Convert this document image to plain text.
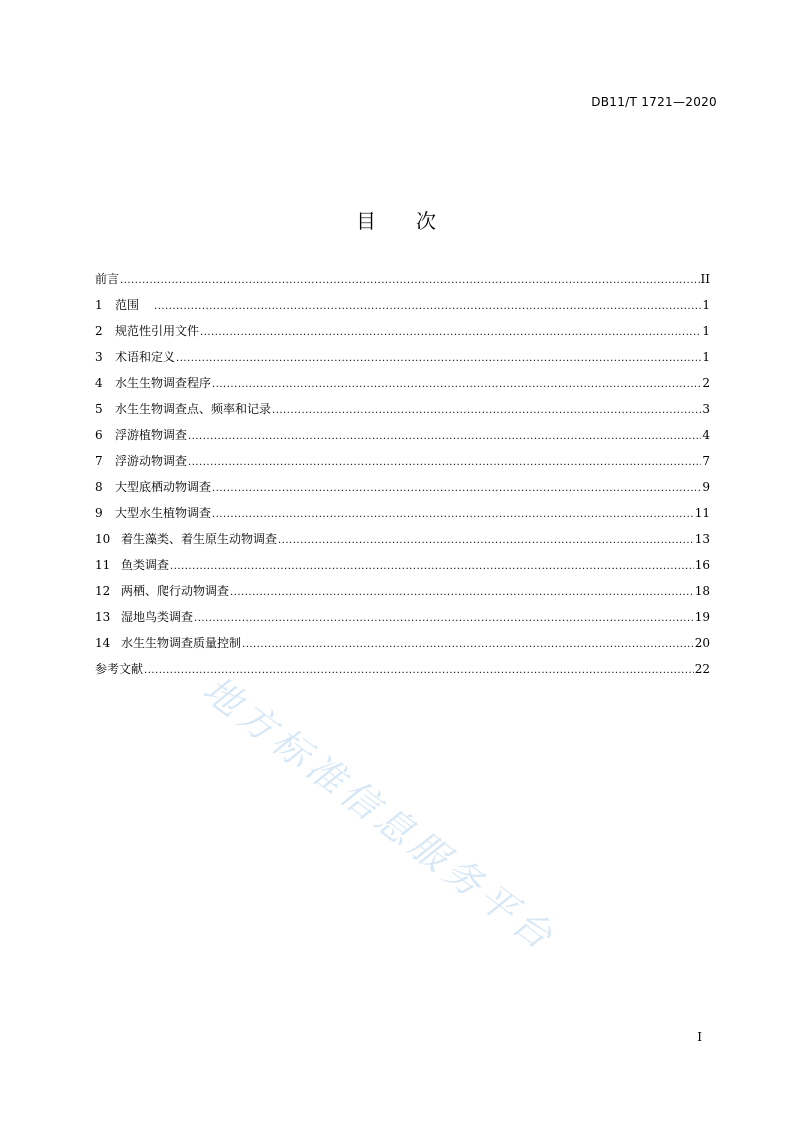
DB11/T 1721—2020
目 次
前言 .....	II
1	范围 .....	1
2	规范性引用文件 .....	1
3	术语和定义 .....	1
4	水生生物调查程序 .....	2
5	水生生物调查点、频率和记录 .....	3
6	浮游植物调查 .....	4
7	浮游动物调查 .....	7
8	大型底栖动物调查 .....	9
9	大型水生植物调查 .....	11
10 着生藻类、着生原生动物调查 .....	13
11 鱼类调查 .....	16
12 两栖、爬行动物调查 .....	18
13 湿地鸟类调查 .....	19
14 水生生物调查质量控制 .....	20
参考文献 .....	22
地方标准信息服务平台
I
